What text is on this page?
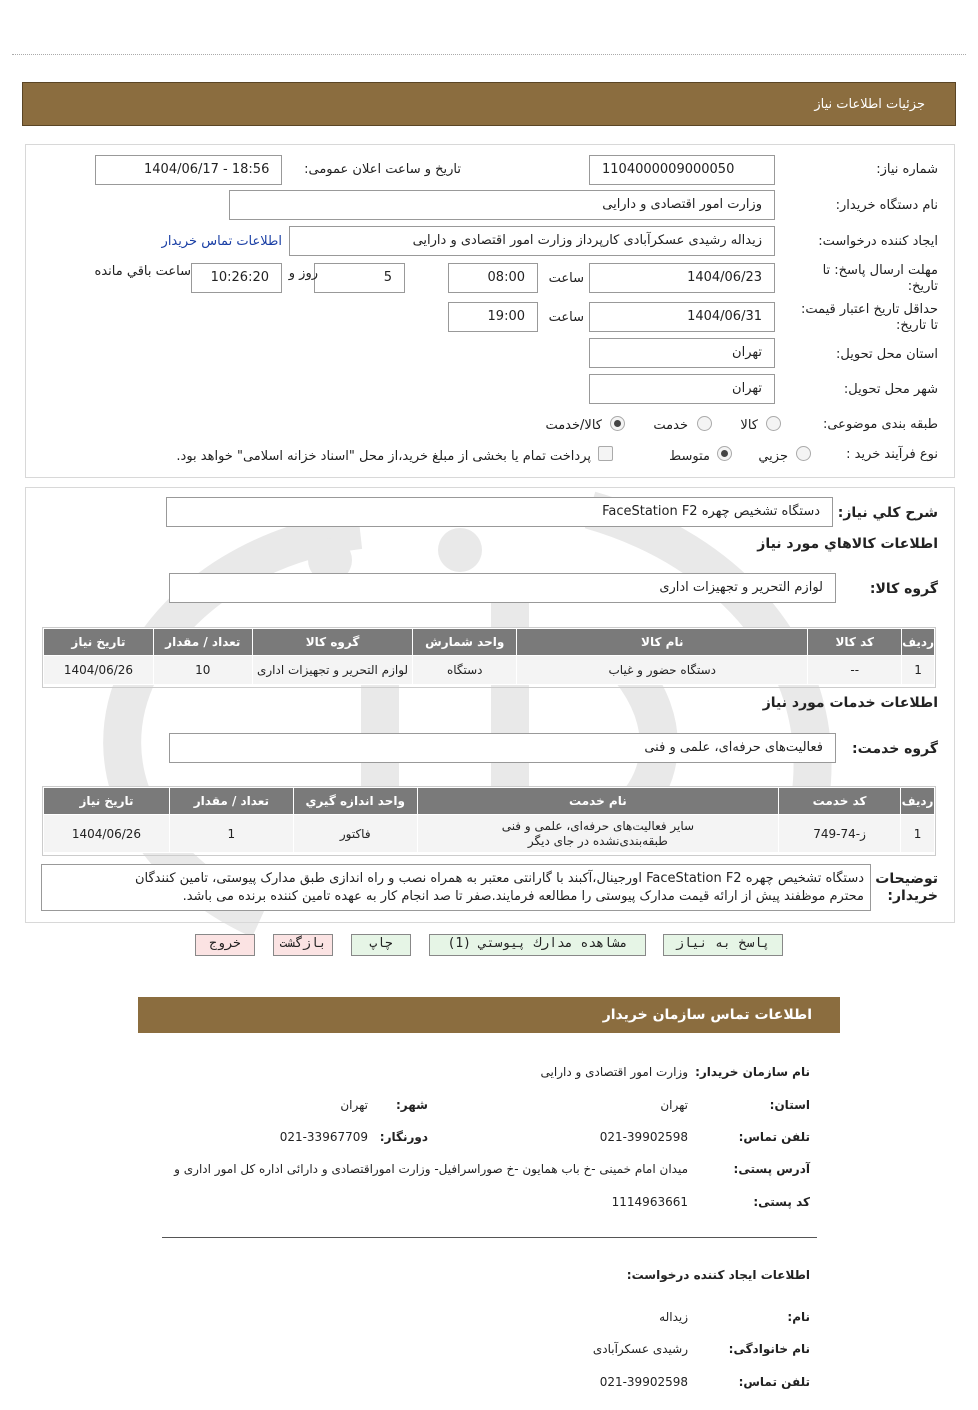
جزئیات اطلاعات نیاز
شماره نیاز:
1104000009000050
تاریخ و ساعت اعلان عمومی:
1404/06/17 - 18:56
نام دستگاه خریدار:
وزارت امور اقتصادی و دارایی
ایجاد کننده درخواست:
زیداله رشیدی عسکرآبادی کارپرداز وزارت امور اقتصادی و دارایی
اطلاعات تماس خریدار
مهلت ارسال پاسخ: تا
تاریخ:
1404/06/23
ساعت
08:00
5
روز و
10:26:20
ساعت باقي مانده
حداقل تاریخ اعتبار قیمت:
تا تاریخ:
1404/06/31
ساعت
19:00
استان محل تحویل:
تهران
شهر محل تحویل:
تهران
طبقه بندی موضوعی:
کالا
خدمت
کالا/خدمت
نوع فرآیند خرید :
جزيي
متوسط
پرداخت تمام یا بخشی از مبلغ خرید،از محل "اسناد خزانه اسلامی" خواهد بود.
شرح كلي نياز:
دستگاه تشخیص چهره FaceStation F2
اطلاعات كالاهاي مورد نياز
گروه كالا:
لوازم التحریر و تجهیزات اداری
رديف	كد كالا	نام كالا	واحد شمارش	گروه كالا	تعداد / مقدار	تاريخ نياز
1	--	دستگاه حضور و غیاب	دستگاه	لوازم التحریر و تجهیزات اداری	10	1404/06/26
اطلاعات خدمات مورد نياز
گروه خدمت:
فعالیت‌های حرفه‌ای، علمی و فنی
رديف	كد خدمت	نام خدمت	واحد اندازه گيري	تعداد / مقدار	تاريخ نياز
1	ز-74-749	سایر فعالیت‌های حرفه‌ای، علمی و فنی
طبقه‌بندی‌نشده در جای دیگر	فاکتور	1	1404/06/26
توضيحات
خريدار:
دستگاه تشخیص چهره FaceStation F2 اورجینال،آکبند با گارانتی معتبر به همراه نصب و راه اندازی طبق مدارک پیوستی، تامین کنندگان
محترم موظفند پیش از ارائه قیمت مدارک پیوستی را مطالعه فرمایند.صفر تا صد انجام کار به عهده تامین کننده برنده می باشد.
پاسخ به نياز
مشاهده مدارك پيوستي (1)
چاپ
بازگشت
خروج
اطلاعات تماس سازمان خریدار
نام سازمان خریدار:
وزارت امور اقتصادی و دارایی
استان:
تهران
شهر:
تهران
تلفن تماس:
021-39902598
دورنگار:
021-33967709
آدرس پستی:
میدان امام خمینی -خ باب همایون -خ صوراسرافیل- وزارت اموراقتصادی و دارائی اداره کل امور اداری و
کد پستی:
1114963661
اطلاعات ایجاد کننده درخواست:
نام:
زیداله
نام خانوادگی:
رشیدی عسکرآبادی
تلفن تماس:
021-39902598
